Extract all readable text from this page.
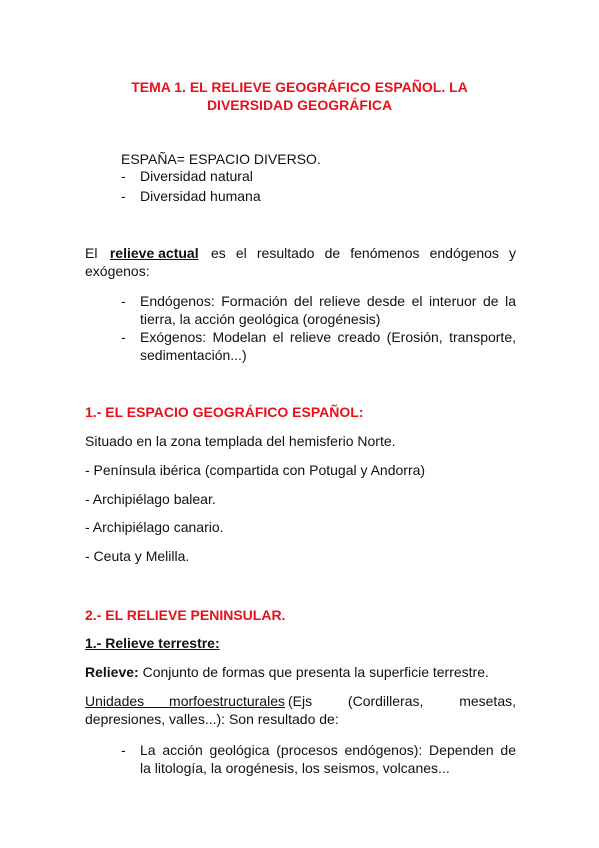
TEMA 1. EL RELIEVE GEOGRÁFICO ESPAÑOL. LA
DIVERSIDAD GEOGRÁFICA
ESPAÑA= ESPACIO DIVERSO.
- Diversidad natural
- Diversidad humana
El relieve actual es el resultado de fenómenos endógenos y
exógenos:
- Endógenos: Formación del relieve desde el interuor de la
tierra, la acción geológica (orogénesis)
- Exógenos: Modelan el relieve creado (Erosión, transporte,
sedimentación...)
1.- EL ESPACIO GEOGRÁFICO ESPAÑOL:
Situado en la zona templada del hemisferio Norte.
- Península ibérica (compartida con Potugal y Andorra)
- Archipiélago balear.
- Archipiélago canario.
- Ceuta y Melilla.
2.- EL RELIEVE PENINSULAR.
1.- Relieve terrestre:
Relieve: Conjunto de formas que presenta la superficie terrestre.
Unidades morfoestructurales (Ejs (Cordilleras, mesetas,
depresiones, valles...): Son resultado de:
- La acción geológica (procesos endógenos): Dependen de
la litología, la orogénesis, los seismos, volcanes...
